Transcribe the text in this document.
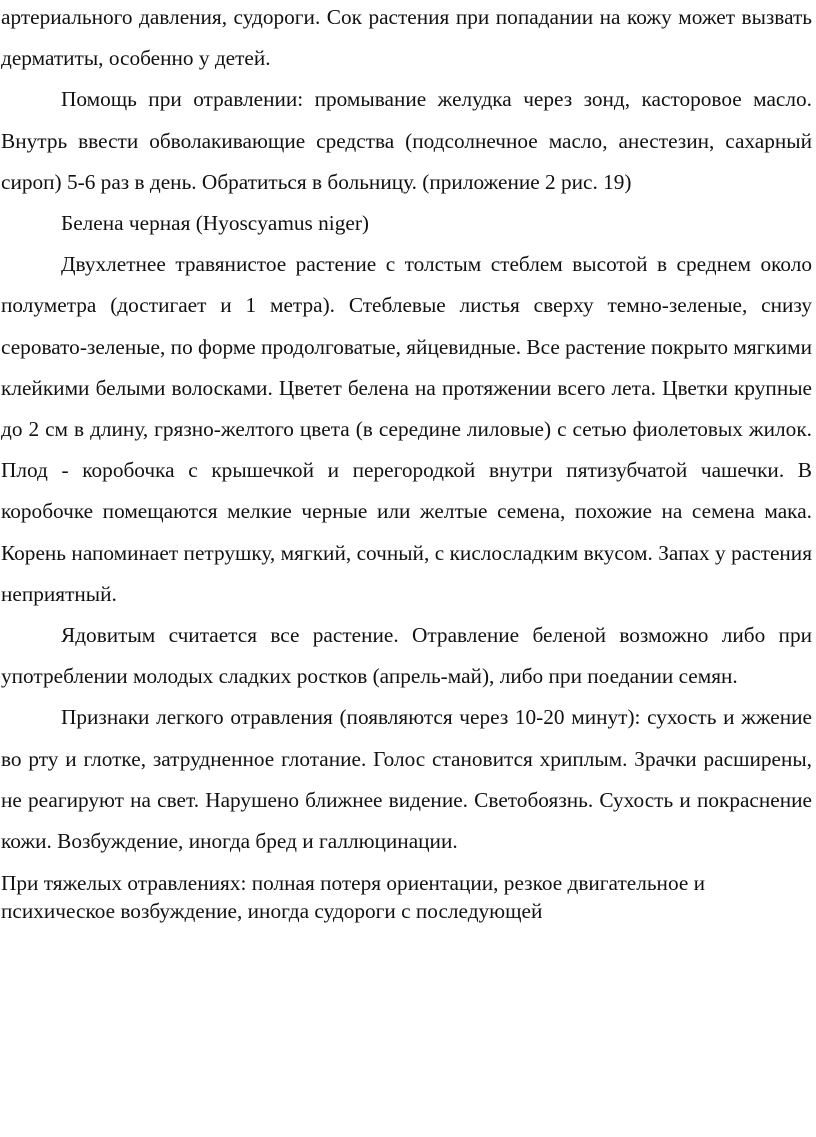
артериального давления, судороги. Сок растения при попадании на кожу может вызвать дерматиты, особенно у детей.

Помощь при отравлении: промывание желудка через зонд, касторовое масло. Внутрь ввести обволакивающие средства (подсолнечное масло, анестезин, сахарный сироп) 5-6 раз в день. Обратиться в больницу. (приложение 2 рис. 19)

Белена черная (Hyoscyamus niger)

Двухлетнее травянистое растение с толстым стеблем высотой в среднем около полуметра (достигает и 1 метра). Стеблевые листья сверху темно-зеленые, снизу серовато-зеленые, по форме продолговатые, яйцевидные. Все растение покрыто мягкими клейкими белыми волосками. Цветет белена на протяжении всего лета. Цветки крупные до 2 см в длину, грязно-желтого цвета (в середине лиловые) с сетью фиолетовых жилок. Плод - коробочка с крышечкой и перегородкой внутри пятизубчатой чашечки. В коробочке помещаются мелкие черные или желтые семена, похожие на семена мака. Корень напоминает петрушку, мягкий, сочный, с кислосладким вкусом. Запах у растения неприятный.

Ядовитым считается все растение. Отравление беленой возможно либо при употреблении молодых сладких ростков (апрель-май), либо при поедании семян.

Признаки легкого отравления (появляются через 10-20 минут): сухость и жжение во рту и глотке, затрудненное глотание. Голос становится хриплым. Зрачки расширены, не реагируют на свет. Нарушено ближнее видение. Светобоязнь. Сухость и покраснение кожи. Возбуждение, иногда бред и галлюцинации.

При тяжелых отравлениях: полная потеря ориентации, резкое двигательное и психическое возбуждение, иногда судороги с последующей
